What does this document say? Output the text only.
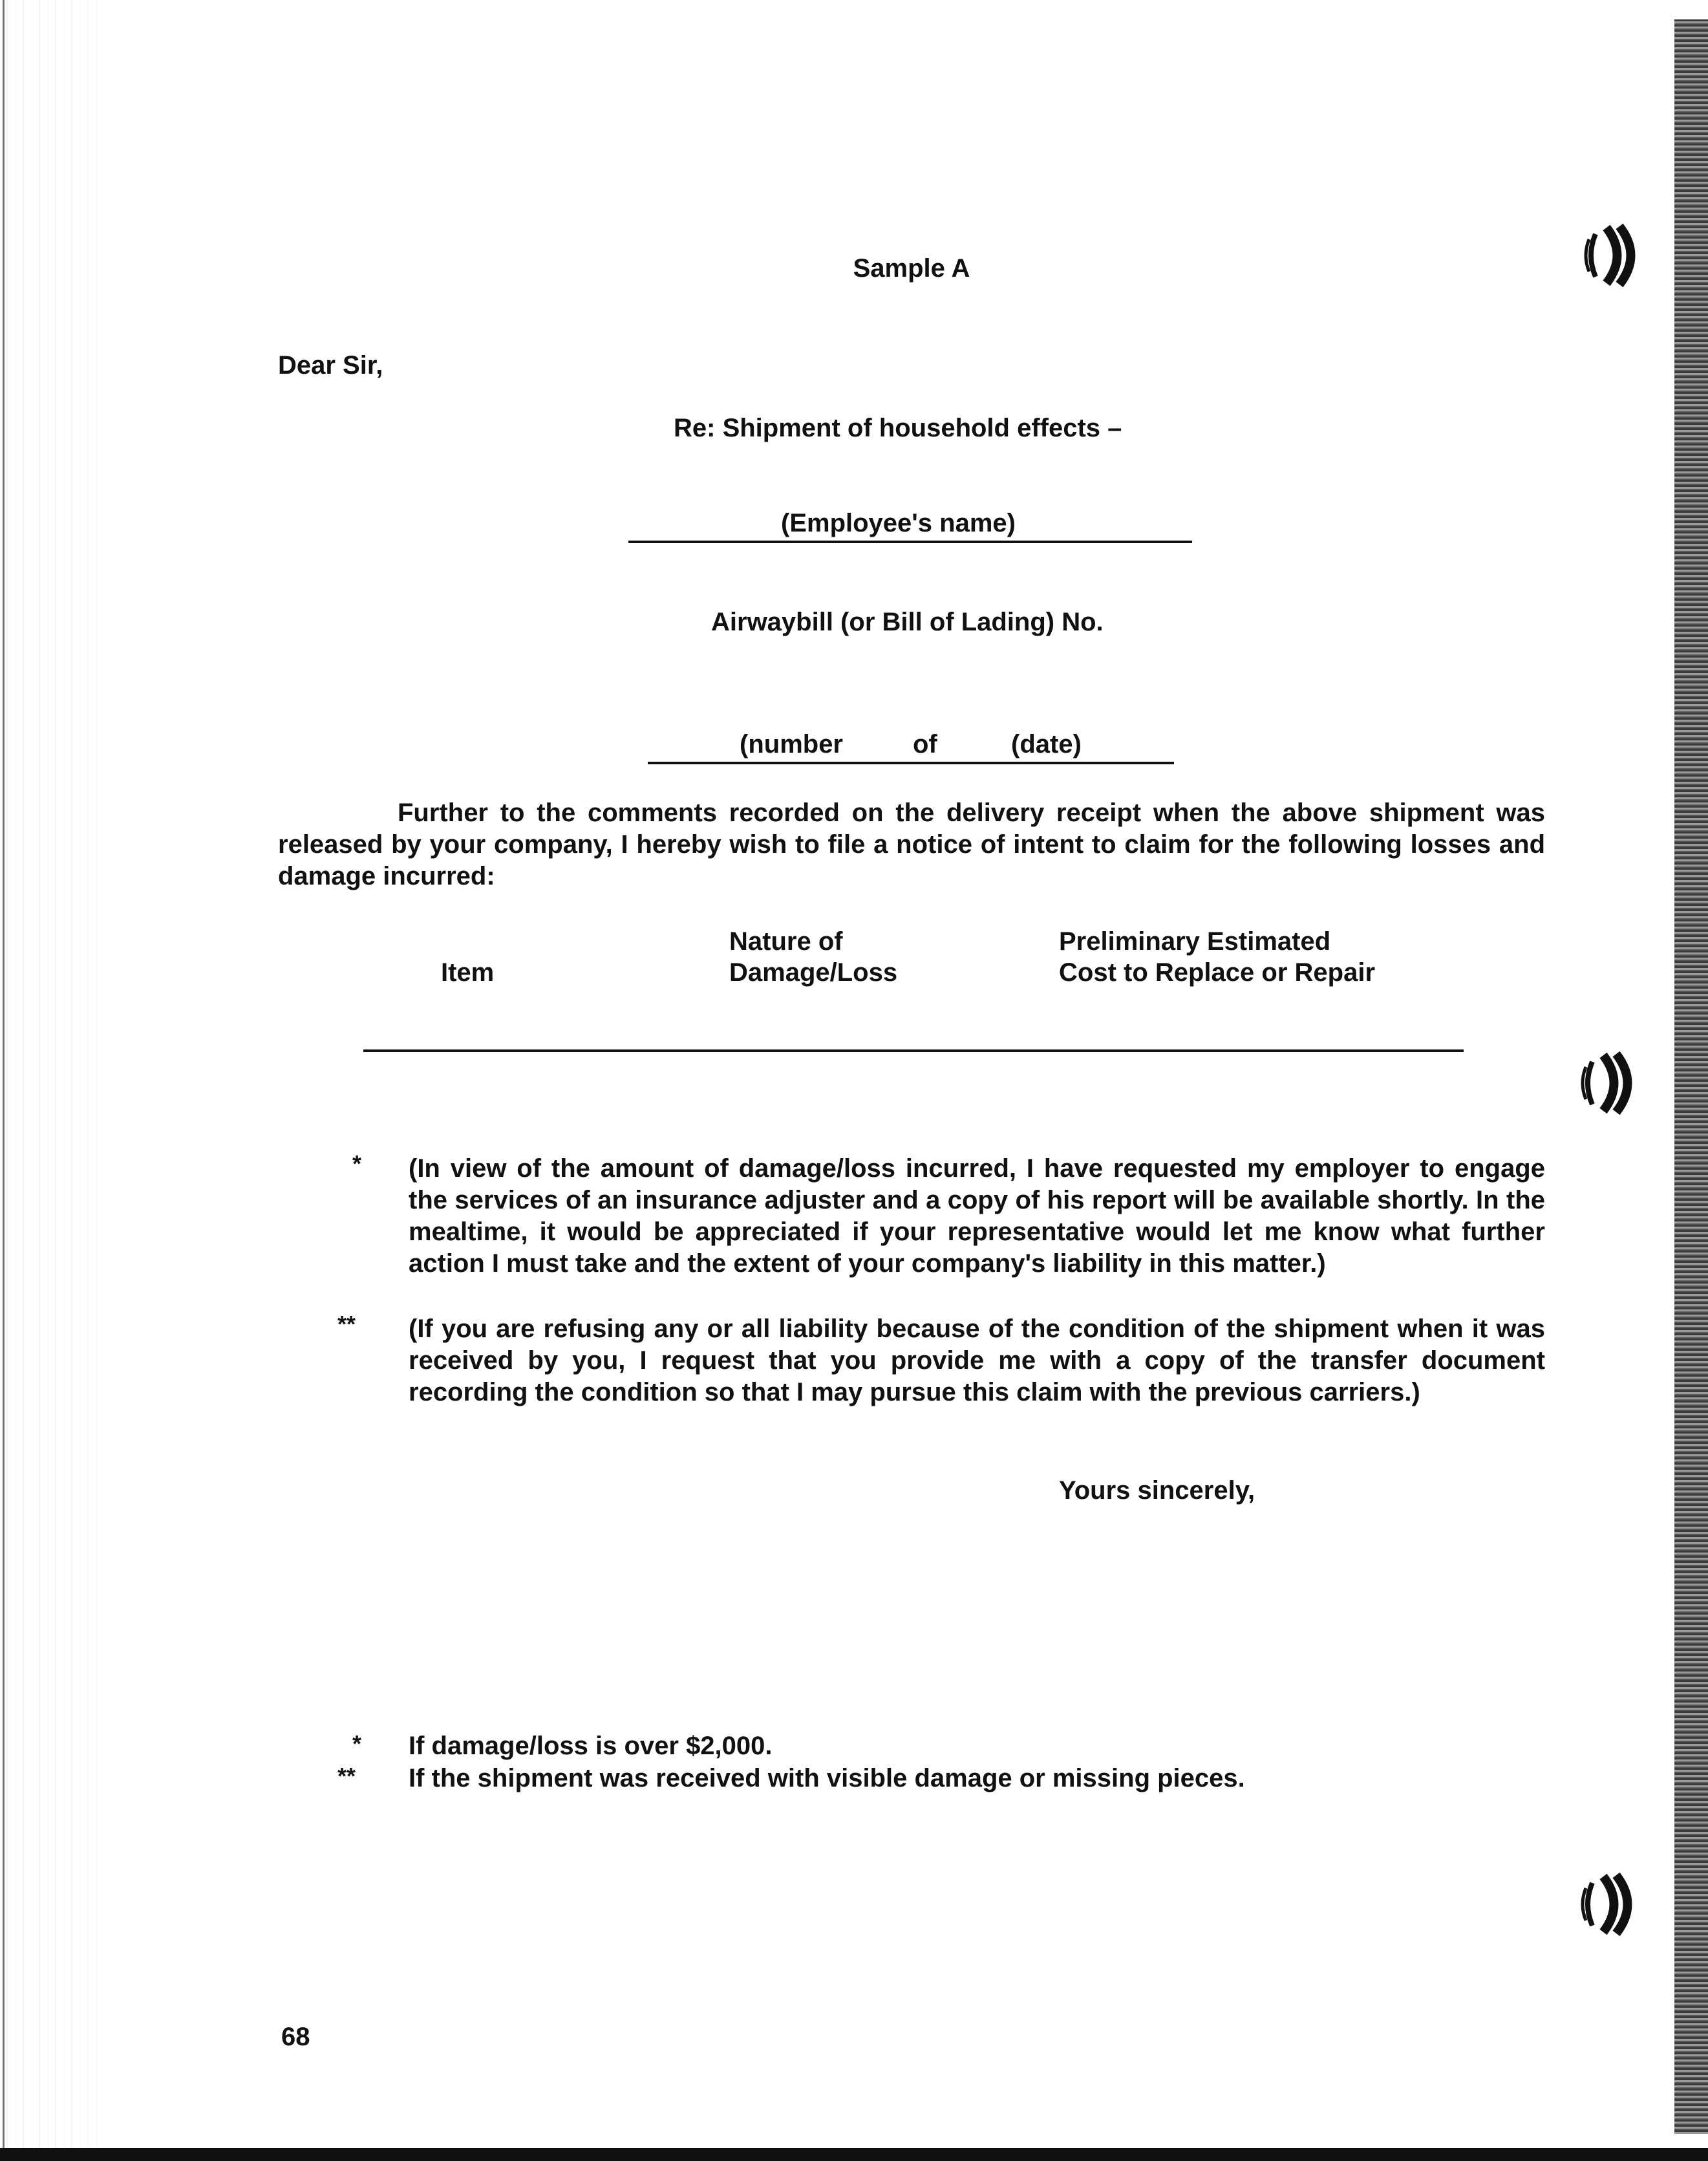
Sample A
Dear Sir,
Re: Shipment of household effects –
(Employee's name)
Airwaybill (or Bill of Lading) No.
(number	of	(date)
Further to the comments recorded on the delivery receipt when the above shipment was released by your company, I hereby wish to file a notice of intent to claim for the following losses and damage incurred:
Item
Nature of
Damage/Loss
Preliminary Estimated
Cost to Replace or Repair
* (In view of the amount of damage/loss incurred, I have requested my employer to engage the services of an insurance adjuster and a copy of his report will be available shortly. In the mealtime, it would be appreciated if your representative would let me know what further action I must take and the extent of your company's liability in this matter.)
** (If you are refusing any or all liability because of the condition of the shipment when it was received by you, I request that you provide me with a copy of the transfer document recording the condition so that I may pursue this claim with the previous carriers.)
Yours sincerely,
* If damage/loss is over $2,000.
** If the shipment was received with visible damage or missing pieces.
68
